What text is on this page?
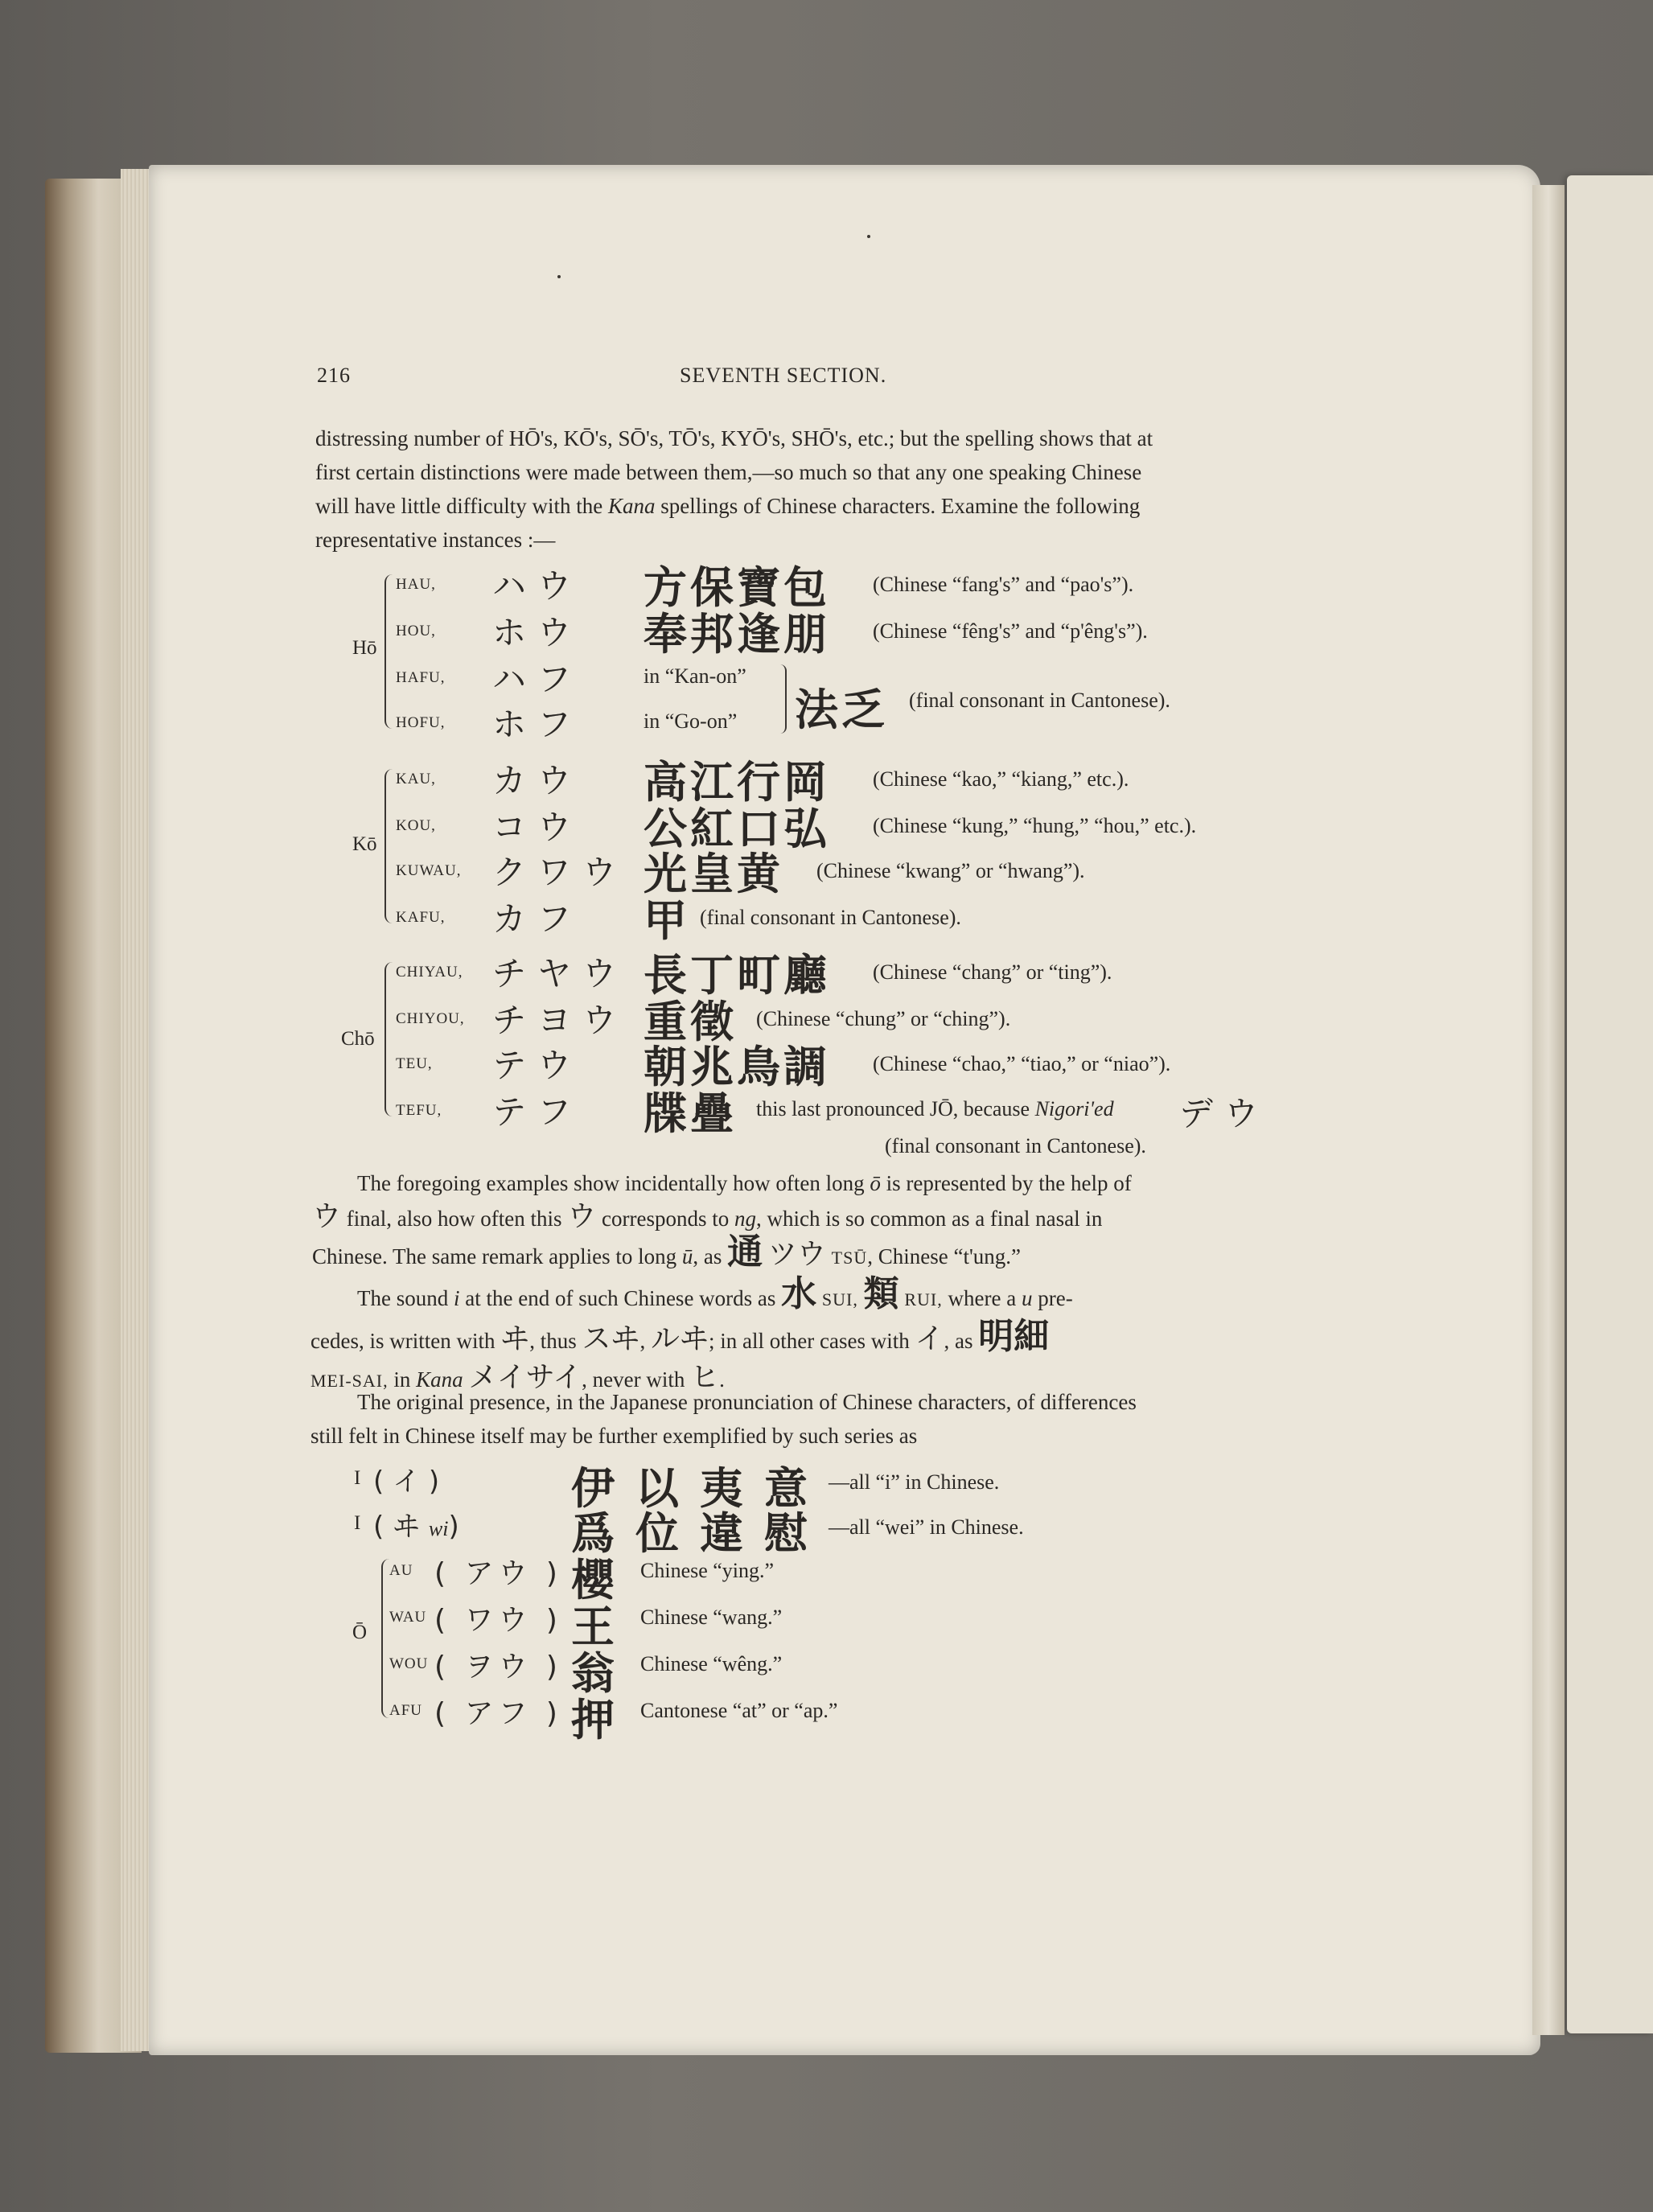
216	SEVENTH SECTION.

distressing number of HŌ's, KŌ's, SŌ's, TŌ's, KYŌ's, SHŌ's, etc.; but the spelling shows that at

first certain distinctions were made between them,—so much so that any one speaking Chinese

will have little difficulty with the Kana spellings of Chinese characters. Examine the following

representative instances :—

Hō
HAU, ハウ 方保寶包 (Chinese “fang's” and “pao's”).
HOU, ホウ 奉邦逢朋 (Chinese “fêng's” and “p'êng's”).
HAFU, ハフ	in “Kan-on”
HOFU, ホフ	in “Go-on” 法乏 (final consonant in Cantonese).
Kō
KAU, カウ 高江行岡 (Chinese “kao,” “kiang,” etc.).
KOU, コウ 公紅口弘 (Chinese “kung,” “hung,” “hou,” etc.).
KUWAU, クワウ 光皇黄 (Chinese “kwang” or “hwang”).
KAFU, カフ 甲 (final consonant in Cantonese).
Chō
CHIYAU, チヤウ 長丁町廳 (Chinese “chang” or “ting”).
CHIYOU, チヨウ 重徵 (Chinese “chung” or “ching”).
TEU, テウ 朝兆鳥調 (Chinese “chao,” “tiao,” or “niao”).
TEFU, テフ 牒疊 this last pronounced JŌ, because Nigori'ed デウ
(final consonant in Cantonese).

The foregoing examples show incidentally how often long ō is represented by the help of

ウ final, also how often this ウ corresponds to ng, which is so common as a final nasal in

Chinese. The same remark applies to long ū, as 通 ツウ TSŪ, Chinese “t'ung.”

The sound i at the end of such Chinese words as 水 SUI, 類 RUI, where a u pre-

cedes, is written with ヰ, thus スヰ, ルヰ; in all other cases with イ, as 明細

MEI-SAI, in Kana メイサイ, never with ヒ.

The original presence, in the Japanese pronunciation of Chinese characters, of differences

still felt in Chinese itself may be further exemplified by such series as

I ( イ )	伊以夷意 —all “i” in Chinese.
I ( ヰ wi)	爲位違慰 —all “wei” in Chinese.
Ō
AU ( アウ ) 櫻 Chinese “ying.”
WAU ( ワウ ) 王 Chinese “wang.”
WOU ( ヲウ ) 翁 Chinese “wêng.”
AFU ( アフ ) 押 Cantonese “at” or “ap.”
